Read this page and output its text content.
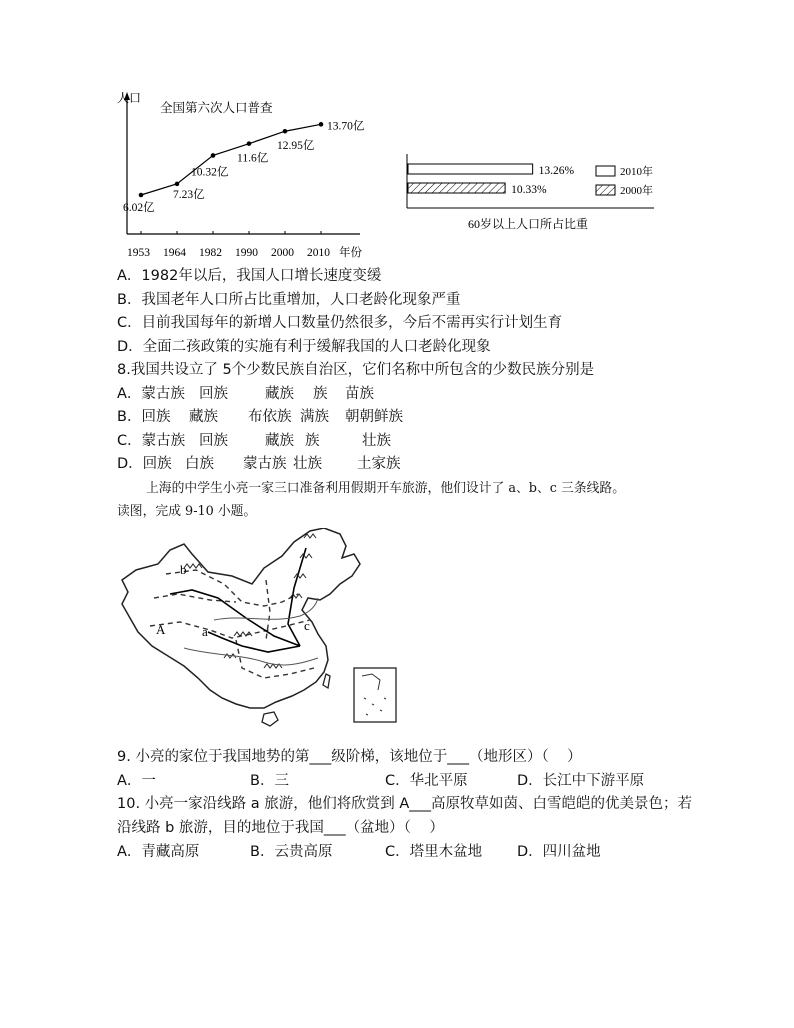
人口
全国第六次人口普查
年份
6.02亿
1953
7.23亿
1964
10.32亿
1982
11.6亿
1990
12.95亿
2000
13.70亿
2010
13.26%
10.33%
2010年
2000年
60岁以上人口所占比重
A．1982年以后，我国人口增长速度变缓
B．我国老年人口所占比重增加，人口老龄化现象严重
C．目前我国每年的新增人口数量仍然很多，今后不需再实行计划生育
D．全面二孩政策的实施有利于缓解我国的人口老龄化现象
8.我国共设立了 5个少数民族自治区，它们名称中所包含的少数民族分别是
A．蒙古族 回族	藏族 族 苗族
B．回族 藏族 布依族 满族 朝朝鲜族
C．蒙古族 回族	藏族 族	壮族
D．回族 白族 蒙古族 壮族 土家族
上海的中学生小亮一家三口准备利用假期开车旅游，他们设计了 a、b、c 三条线路。
读图，完成 9-10 小题。
b
a	c
A
9. 小亮的家位于我国地势的第___级阶梯，该地位于___（地形区）（    ）
A．一	B．三	C．华北平原	D．长江中下游平原
10. 小亮一家沿线路 a 旅游，他们将欣赏到 A___高原牧草如茵、白雪皑皑的优美景色；若
沿线路 b 旅游，目的地位于我国___（盆地）（    ）
A．青藏高原	B．云贵高原	C．塔里木盆地 D．四川盆地
